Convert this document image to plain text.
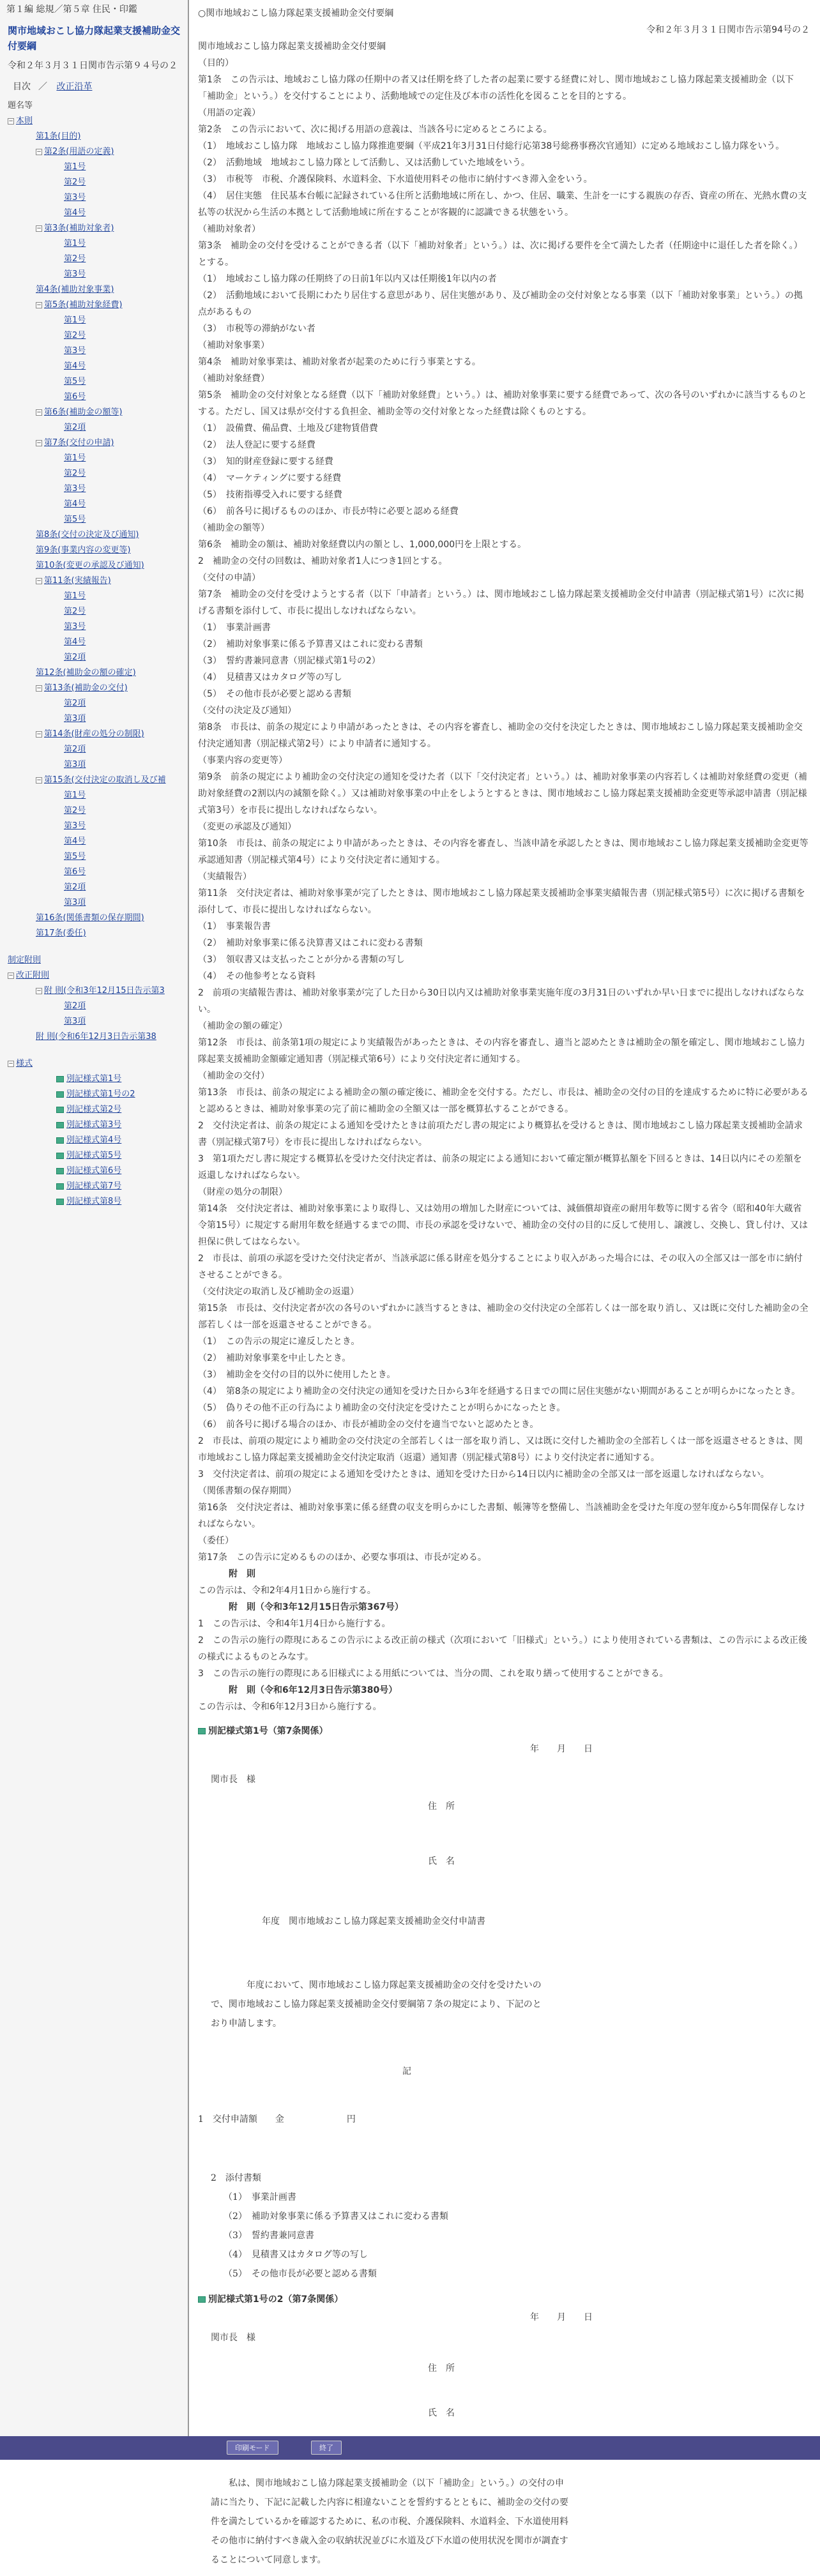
第１編 総規／第５章 住民・印鑑
関市地域おこし協力隊起業支援補助金交付要綱
令和２年３月３１日関市告示第９４号の２
目次 ／ 改正沿革
題名等
− 本則
第1条(目的)
− 第2条(用語の定義)
第1号
第2号
第3号
第4号
− 第3条(補助対象者)
第1号
第2号
第3号
第4条(補助対象事業)
− 第5条(補助対象経費)
第1号
第2号
第3号
第4号
第5号
第6号
− 第6条(補助金の額等)
第2項
− 第7条(交付の申請)
第1号
第2号
第3号
第4号
第5号
第8条(交付の決定及び通知)
第9条(事業内容の変更等)
第10条(変更の承認及び通知)
− 第11条(実績報告)
第1号
第2号
第3号
第4号
第2項
第12条(補助金の額の確定)
− 第13条(補助金の交付)
第2項
第3項
− 第14条(財産の処分の制限)
第2項
第3項
− 第15条(交付決定の取消し及び補
第1号
第2号
第3号
第4号
第5号
第6号
第2項
第3項
第16条(関係書類の保存期間)
第17条(委任)
制定附則
− 改正附則
− 附 則(令和3年12月15日告示第3
第2項
第3項
附 則(令和6年12月3日告示第38
− 様式
別記様式第1号
別記様式第1号の2
別記様式第2号
別記様式第3号
別記様式第4号
別記様式第5号
別記様式第6号
別記様式第7号
別記様式第8号
○関市地域おこし協力隊起業支援補助金交付要綱
令和２年３月３１日関市告示第94号の２
関市地域おこし協力隊起業支援補助金交付要綱
（目的）
第1条　この告示は、地域おこし協力隊の任期中の者又は任期を終了した者の起業に要する経費に対し、関市地域おこし協力隊起業支援補助金（以下「補助金」という。）を交付することにより、活動地域での定住及び本市の活性化を図ることを目的とする。
（用語の定義）
第2条　この告示において、次に掲げる用語の意義は、当該各号に定めるところによる。
（1）　地域おこし協力隊　地域おこし協力隊推進要綱（平成21年3月31日付総行応第38号総務事務次官通知）に定める地域おこし協力隊をいう。
（2）　活動地域　地域おこし協力隊として活動し、又は活動していた地域をいう。
（3）　市税等　市税、介護保険料、水道料金、下水道使用料その他市に納付すべき滞入金をいう。
（4）　居住実態　住民基本台帳に記録されている住所と活動地域に所在し、かつ、住居、職業、生計を一にする親族の存否、資産の所在、光熱水費の支払等の状況から生活の本拠として活動地域に所在することが客観的に認識できる状態をいう。
（補助対象者）
第3条　補助金の交付を受けることができる者（以下「補助対象者」という。）は、次に掲げる要件を全て満たした者（任期途中に退任した者を除く。）とする。
（1）　地域おこし協力隊の任期終了の日前1年以内又は任期後1年以内の者
（2）　活動地域において長期にわたり居住する意思があり、居住実態があり、及び補助金の交付対象となる事業（以下「補助対象事業」という。）の拠点があるもの
（3）　市税等の滞納がない者
（補助対象事業）
第4条　補助対象事業は、補助対象者が起業のために行う事業とする。
（補助対象経費）
第5条　補助金の交付対象となる経費（以下「補助対象経費」という。）は、補助対象事業に要する経費であって、次の各号のいずれかに該当するものとする。ただし、国又は県が交付する負担金、補助金等の交付対象となった経費は除くものとする。
（1）　設備費、備品費、土地及び建物賃借費
（2）　法人登記に要する経費
（3）　知的財産登録に要する経費
（4）　マーケティングに要する経費
（5）　技術指導受入れに要する経費
（6）　前各号に掲げるもののほか、市長が特に必要と認める経費
（補助金の額等）
第6条　補助金の額は、補助対象経費以内の額とし、1,000,000円を上限とする。
2　補助金の交付の回数は、補助対象者1人につき1回とする。
（交付の申請）
第7条　補助金の交付を受けようとする者（以下「申請者」という。）は、関市地域おこし協力隊起業支援補助金交付申請書（別記様式第1号）に次に掲げる書類を添付して、市長に提出しなければならない。
（1）　事業計画書
（2）　補助対象事業に係る予算書又はこれに変わる書類
（3）　誓約書兼同意書（別記様式第1号の2）
（4）　見積書又はカタログ等の写し
（5）　その他市長が必要と認める書類
（交付の決定及び通知）
第8条　市長は、前条の規定により申請があったときは、その内容を審査し、補助金の交付を決定したときは、関市地域おこし協力隊起業支援補助金交付決定通知書（別記様式第2号）により申請者に通知する。
（事業内容の変更等）
第9条　前条の規定により補助金の交付決定の通知を受けた者（以下「交付決定者」という。）は、補助対象事業の内容若しくは補助対象経費の変更（補助対象経費の2割以内の減額を除く。）又は補助対象事業の中止をしようとするときは、関市地域おこし協力隊起業支援補助金変更等承認申請書（別記様式第3号）を市長に提出しなければならない。
（変更の承認及び通知）
第10条　市長は、前条の規定により申請があったときは、その内容を審査し、当該申請を承認したときは、関市地域おこし協力隊起業支援補助金変更等承認通知書（別記様式第4号）により交付決定者に通知する。
（実績報告）
第11条　交付決定者は、補助対象事業が完了したときは、関市地域おこし協力隊起業支援補助金事業実績報告書（別記様式第5号）に次に掲げる書類を添付して、市長に提出しなければならない。
（1）　事業報告書
（2）　補助対象事業に係る決算書又はこれに変わる書類
（3）　領収書又は支払ったことが分かる書類の写し
（4）　その他参考となる資料
2　前項の実績報告書は、補助対象事業が完了した日から30日以内又は補助対象事業実施年度の3月31日のいずれか早い日までに提出しなければならない。
（補助金の額の確定）
第12条　市長は、前条第1項の規定により実績報告があったときは、その内容を審査し、適当と認めたときは補助金の額を確定し、関市地域おこし協力隊起業支援補助金額確定通知書（別記様式第6号）により交付決定者に通知する。
（補助金の交付）
第13条　市長は、前条の規定による補助金の額の確定後に、補助金を交付する。ただし、市長は、補助金の交付の目的を達成するために特に必要があると認めるときは、補助対象事業の完了前に補助金の全額又は一部を概算払することができる。
2　交付決定者は、前条の規定による通知を受けたときは前項ただし書の規定により概算払を受けるときは、関市地域おこし協力隊起業支援補助金請求書（別記様式第7号）を市長に提出しなければならない。
3　第1項ただし書に規定する概算払を受けた交付決定者は、前条の規定による通知において確定額が概算払額を下回るときは、14日以内にその差額を返還しなければならない。
（財産の処分の制限）
第14条　交付決定者は、補助対象事業により取得し、又は効用の増加した財産については、減価償却資産の耐用年数等に関する省令（昭和40年大蔵省令第15号）に規定する耐用年数を経過するまでの間、市長の承認を受けないで、補助金の交付の目的に反して使用し、譲渡し、交換し、貸し付け、又は担保に供してはならない。
2　市長は、前項の承認を受けた交付決定者が、当該承認に係る財産を処分することにより収入があった場合には、その収入の全部又は一部を市に納付させることができる。
（交付決定の取消し及び補助金の返還）
第15条　市長は、交付決定者が次の各号のいずれかに該当するときは、補助金の交付決定の全部若しくは一部を取り消し、又は既に交付した補助金の全部若しくは一部を返還させることができる。
（1）　この告示の規定に違反したとき。
（2）　補助対象事業を中止したとき。
（3）　補助金を交付の目的以外に使用したとき。
（4）　第8条の規定により補助金の交付決定の通知を受けた日から3年を経過する日までの間に居住実態がない期間があることが明らかになったとき。
（5）　偽りその他不正の行為により補助金の交付決定を受けたことが明らかになったとき。
（6）　前各号に掲げる場合のほか、市長が補助金の交付を適当でないと認めたとき。
2　市長は、前項の規定により補助金の交付決定の全部若しくは一部を取り消し、又は既に交付した補助金の全部若しくは一部を返還させるときは、関市地域おこし協力隊起業支援補助金交付決定取消（返還）通知書（別記様式第8号）により交付決定者に通知する。
3　交付決定者は、前項の規定による通知を受けたときは、通知を受けた日から14日以内に補助金の全部又は一部を返還しなければならない。
（関係書類の保存期間）
第16条　交付決定者は、補助対象事業に係る経費の収支を明らかにした書類、帳簿等を整備し、当該補助金を受けた年度の翌年度から5年間保存しなければならない。
（委任）
第17条　この告示に定めるもののほか、必要な事項は、市長が定める。
附　則
この告示は、令和2年4月1日から施行する。
附　則（令和3年12月15日告示第367号）
1　この告示は、令和4年1月4日から施行する。
2　この告示の施行の際現にあるこの告示による改正前の様式（次項において「旧様式」という。）により使用されている書類は、この告示による改正後の様式によるものとみなす。
3　この告示の施行の際現にある旧様式による用紙については、当分の間、これを取り繕って使用することができる。
附　則（令和6年12月3日告示第380号）
この告示は、令和6年12月3日から施行する。
別記様式第1号（第7条関係）
年　　月　　日
関市長　様
住　所
氏　名
年度　関市地域おこし協力隊起業支援補助金交付申請書
年度において、関市地域おこし協力隊起業支援補助金の交付を受けたいので、関市地域おこし協力隊起業支援補助金交付要綱第７条の規定により、下記のとおり申請します。
記
1　交付申請額　　金　　　　　　　円
2　添付書類
（1）　事業計画書
（2）　補助対象事業に係る予算書又はこれに変わる書類
（3）　誓約書兼同意書
（4）　見積書又はカタログ等の写し
（5）　その他市長が必要と認める書類
別記様式第1号の2（第7条関係）
年　　月　　日
関市長　様
住　所
氏　名
私は、関市地域おこし協力隊起業支援補助金（以下「補助金」という。）の交付の申請に当たり、下記に記載した内容に相違ないことを誓約するとともに、補助金の交付の要件を満たしているかを確認するために、私の市税、介護保険料、水道料金、下水道使用料その他市に納付すべき歳入金の収納状況並びに水道及び下水道の使用状況を関市が調査することについて同意します。
印刷モード	終了
